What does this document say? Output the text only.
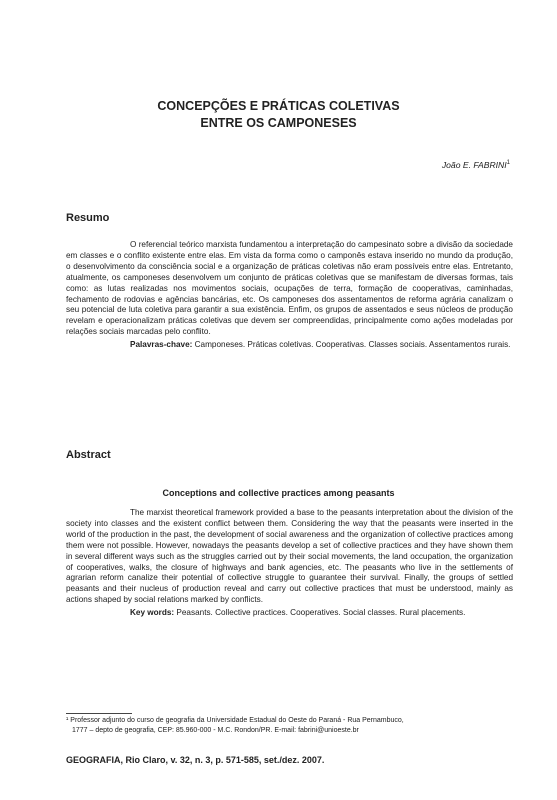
CONCEPÇÕES E PRÁTICAS COLETIVAS
ENTRE OS CAMPONESES
João E. FABRINI$^1$
Resumo

O referencial teórico marxista fundamentou a interpretação do campesinato sobre a divisão da sociedade em classes e o conflito existente entre elas. Em vista da forma como o camponês estava inserido no mundo da produção, o desenvolvimento da consciência social e a organização de práticas coletivas não eram possíveis entre elas. Entretanto, atualmente, os camponeses desenvolvem um conjunto de práticas coletivas que se manifestam de diversas formas, tais como: as lutas realizadas nos movimentos sociais, ocupações de terra, formação de cooperativas, caminhadas, fechamento de rodovias e agências bancárias, etc. Os camponeses dos assentamentos de reforma agrária canalizam o seu potencial de luta coletiva para garantir a sua existência. Enfim, os grupos de assentados e seus núcleos de produção revelam e operacionalizam práticas coletivas que devem ser compreendidas, principalmente como ações modeladas por relações sociais marcadas pelo conflito.

Palavras-chave: Camponeses. Práticas coletivas. Cooperativas. Classes sociais. Assentamentos rurais.

Abstract
Conceptions and collective practices among peasants

The marxist theoretical framework provided a base to the peasants interpretation about the division of the society into classes and the existent conflict between them. Considering the way that the peasants were inserted in the world of the production in the past, the development of social awareness and the organization of collective practices among them were not possible. However, nowadays the peasants develop a set of collective practices and they have shown them in several different ways such as the struggles carried out by their social movements, the land occupation, the organization of cooperatives, walks, the closure of highways and bank agencies, etc. The peasants who live in the settlements of agrarian reform canalize their potential of collective struggle to guarantee their survival. Finally, the groups of settled peasants and their nucleus of production reveal and carry out collective practices that must be understood, mainly as actions shaped by social relations marked by conflicts.

Key words: Peasants. Collective practices. Cooperatives. Social classes. Rural placements.

¹ Professor adjunto do curso de geografia da Universidade Estadual do Oeste do Paraná - Rua Pernambuco,
1777 – depto de geografia, CEP: 85.960-000 - M.C. Rondon/PR. E-mail: fabrini@unioeste.br
GEOGRAFIA, Rio Claro, v. 32, n. 3, p. 571-585, set./dez. 2007.
